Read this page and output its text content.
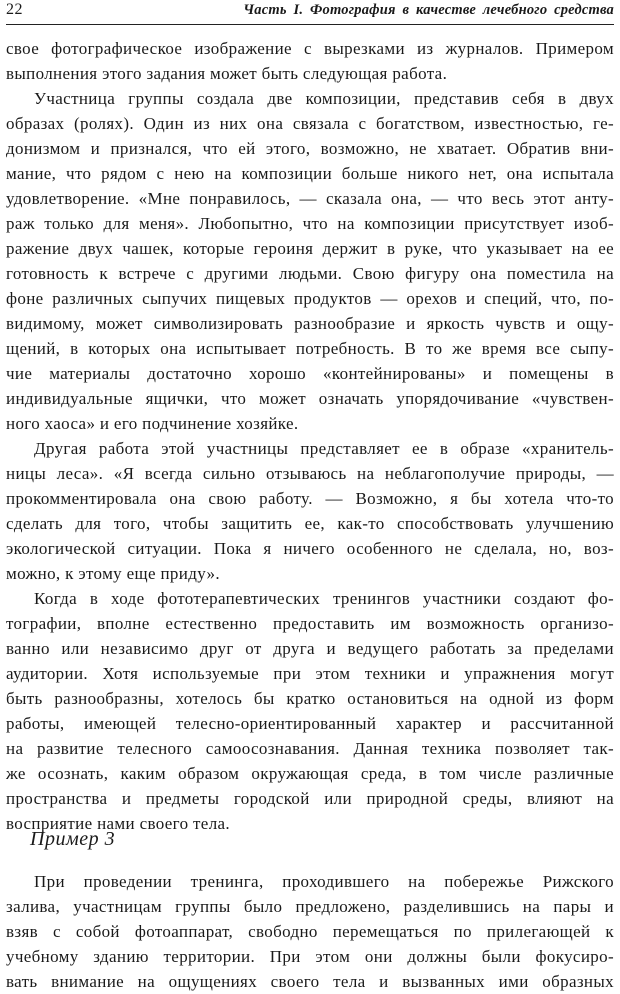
22	Часть I. Фотография в качестве лечебного средства
свое фотографическое изображение с вырезками из журналов. Примером
выполнения этого задания может быть следующая работа.
Участница группы создала две композиции, представив себя в двух
образах (ролях). Один из них она связала с богатством, известностью, ге-
донизмом и признался, что ей этого, возможно, не хватает. Обратив вни-
мание, что рядом с нею на композиции больше никого нет, она испытала
удовлетворение. «Мне понравилось, — сказала она, — что весь этот анту-
раж только для меня». Любопытно, что на композиции присутствует изоб-
ражение двух чашек, которые героиня держит в руке, что указывает на ее
готовность к встрече с другими людьми. Свою фигуру она поместила на
фоне различных сыпучих пищевых продуктов — орехов и специй, что, по-
видимому, может символизировать разнообразие и яркость чувств и ощу-
щений, в которых она испытывает потребность. В то же время все сыпу-
чие материалы достаточно хорошо «контейнированы» и помещены в
индивидуальные ящички, что может означать упорядочивание «чувствен-
ного хаоса» и его подчинение хозяйке.
Другая работа этой участницы представляет ее в образе «хранитель-
ницы леса». «Я всегда сильно отзываюсь на неблагополучие природы, —
прокомментировала она свою работу. — Возможно, я бы хотела что-то
сделать для того, чтобы защитить ее, как-то способствовать улучшению
экологической ситуации. Пока я ничего особенного не сделала, но, воз-
можно, к этому еще приду».
Когда в ходе фототерапевтических тренингов участники создают фо-
тографии, вполне естественно предоставить им возможность организо-
ванно или независимо друг от друга и ведущего работать за пределами
аудитории. Хотя используемые при этом техники и упражнения могут
быть разнообразны, хотелось бы кратко остановиться на одной из форм
работы, имеющей телесно-ориентированный характер и рассчитанной
на развитие телесного самоосознавания. Данная техника позволяет так-
же осознать, каким образом окружающая среда, в том числе различные
пространства и предметы городской или природной среды, влияют на
восприятие нами своего тела.
Пример 3
При проведении тренинга, проходившего на побережье Рижского
залива, участницам группы было предложено, разделившись на пары и
взяв с собой фотоаппарат, свободно перемещаться по прилегающей к
учебному зданию территории. При этом они должны были фокусиро-
вать внимание на ощущениях своего тела и вызванных ими образных
